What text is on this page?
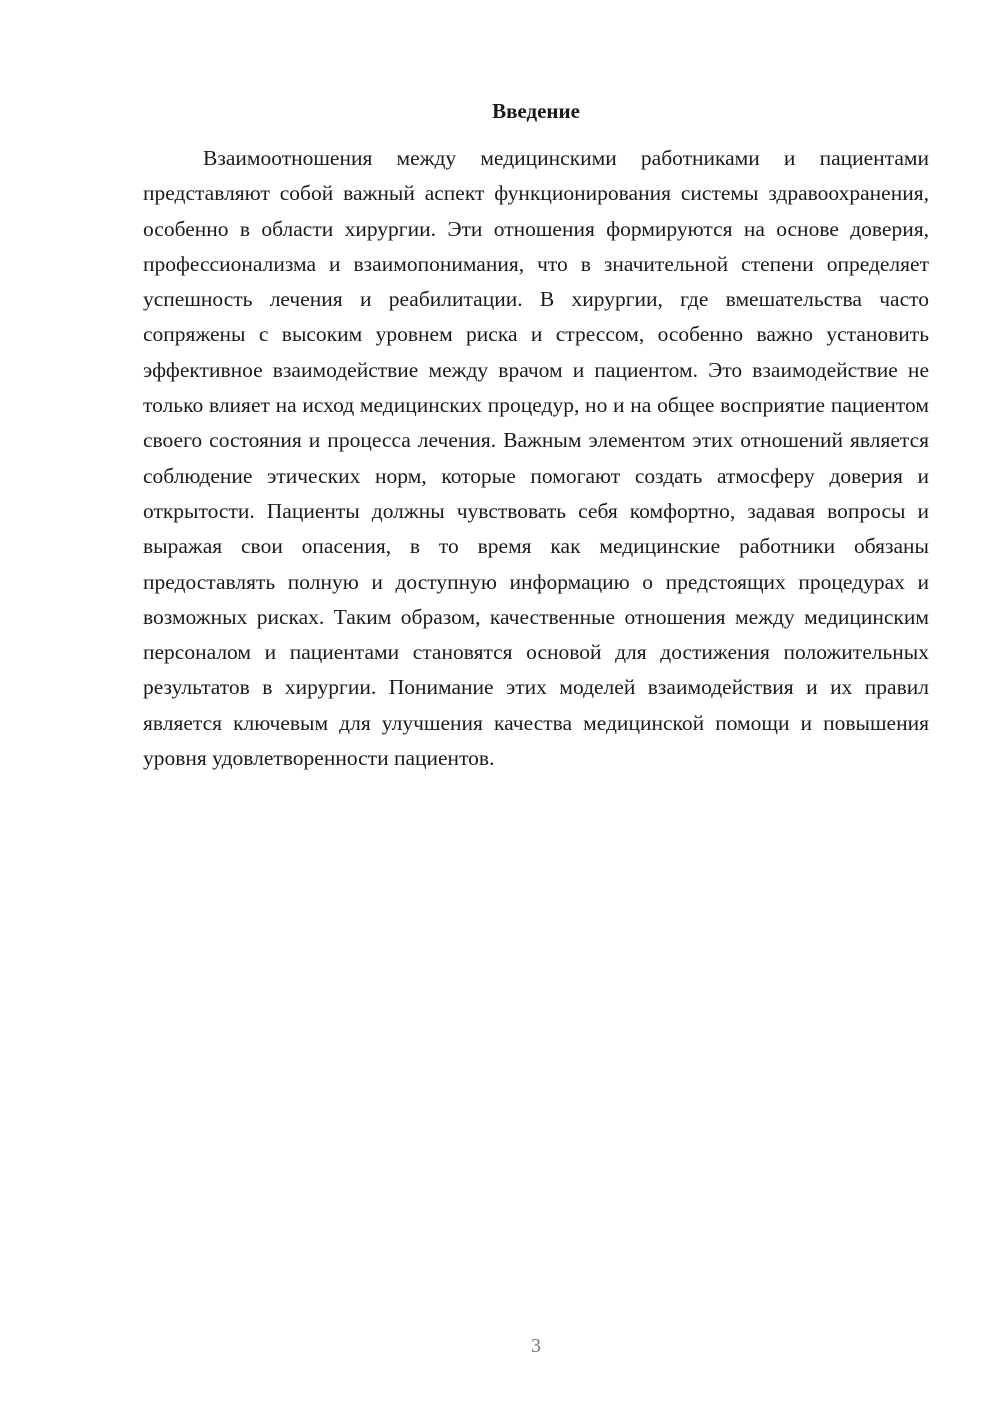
Введение

Взаимоотношения между медицинскими работниками и пациентами представляют собой важный аспект функционирования системы здравоохранения, особенно в области хирургии. Эти отношения формируются на основе доверия, профессионализма и взаимопонимания, что в значительной степени определяет успешность лечения и реабилитации. В хирургии, где вмешательства часто сопряжены с высоким уровнем риска и стрессом, особенно важно установить эффективное взаимодействие между врачом и пациентом. Это взаимодействие не только влияет на исход медицинских процедур, но и на общее восприятие пациентом своего состояния и процесса лечения. Важным элементом этих отношений является соблюдение этических норм, которые помогают создать атмосферу доверия и открытости. Пациенты должны чувствовать себя комфортно, задавая вопросы и выражая свои опасения, в то время как медицинские работники обязаны предоставлять полную и доступную информацию о предстоящих процедурах и возможных рисках. Таким образом, качественные отношения между медицинским персоналом и пациентами становятся основой для достижения положительных результатов в хирургии. Понимание этих моделей взаимодействия и их правил является ключевым для улучшения качества медицинской помощи и повышения уровня удовлетворенности пациентов.

3
